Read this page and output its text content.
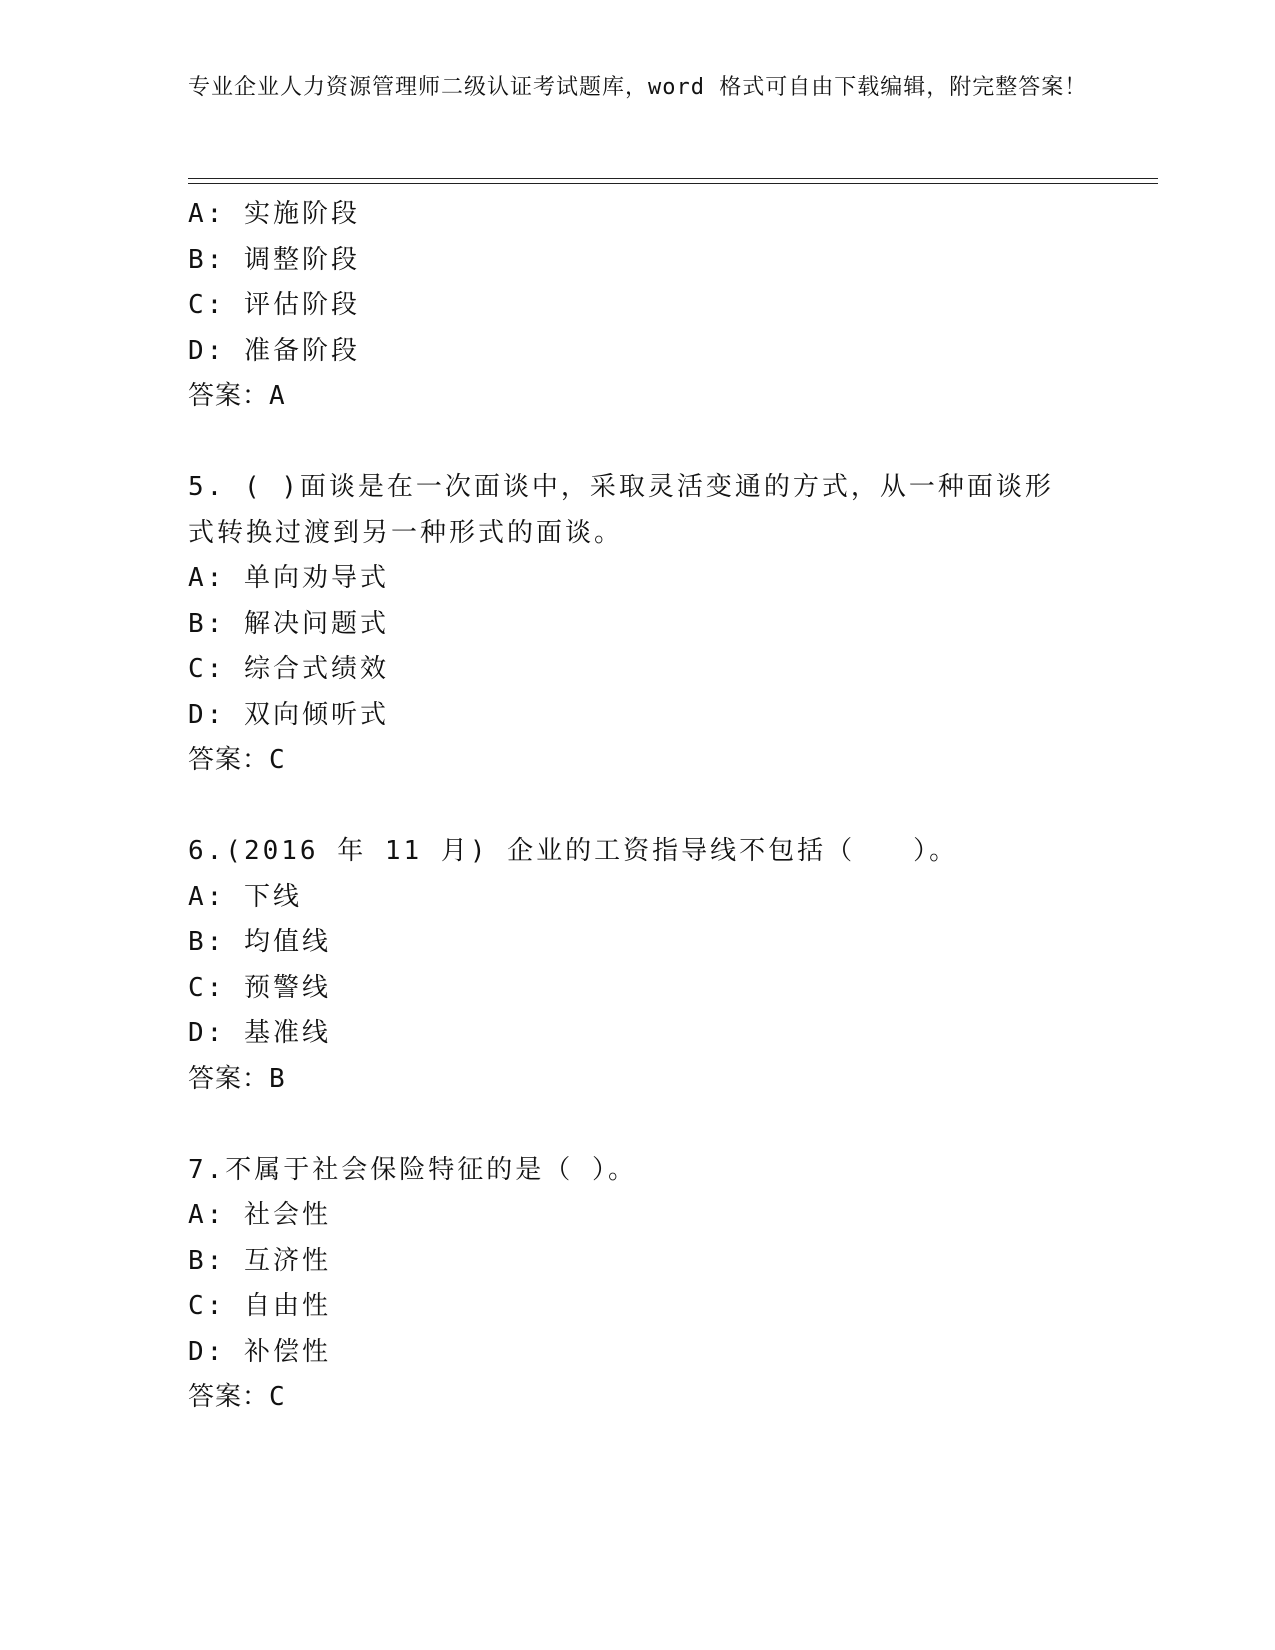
专业企业人力资源管理师二级认证考试题库，word 格式可自由下载编辑，附完整答案！
A: 实施阶段
B: 调整阶段
C: 评估阶段
D: 准备阶段
答案：A
5. ( )面谈是在一次面谈中，采取灵活变通的方式，从一种面谈形式转换过渡到另一种形式的面谈。
A: 单向劝导式
B: 解决问题式
C: 综合式绩效
D: 双向倾听式
答案：C
6.(2016 年 11 月) 企业的工资指导线不包括（　　）。
A: 下线
B: 均值线
C: 预警线
D: 基准线
答案：B
7.不属于社会保险特征的是（ ）。
A: 社会性
B: 互济性
C: 自由性
D: 补偿性
答案：C
